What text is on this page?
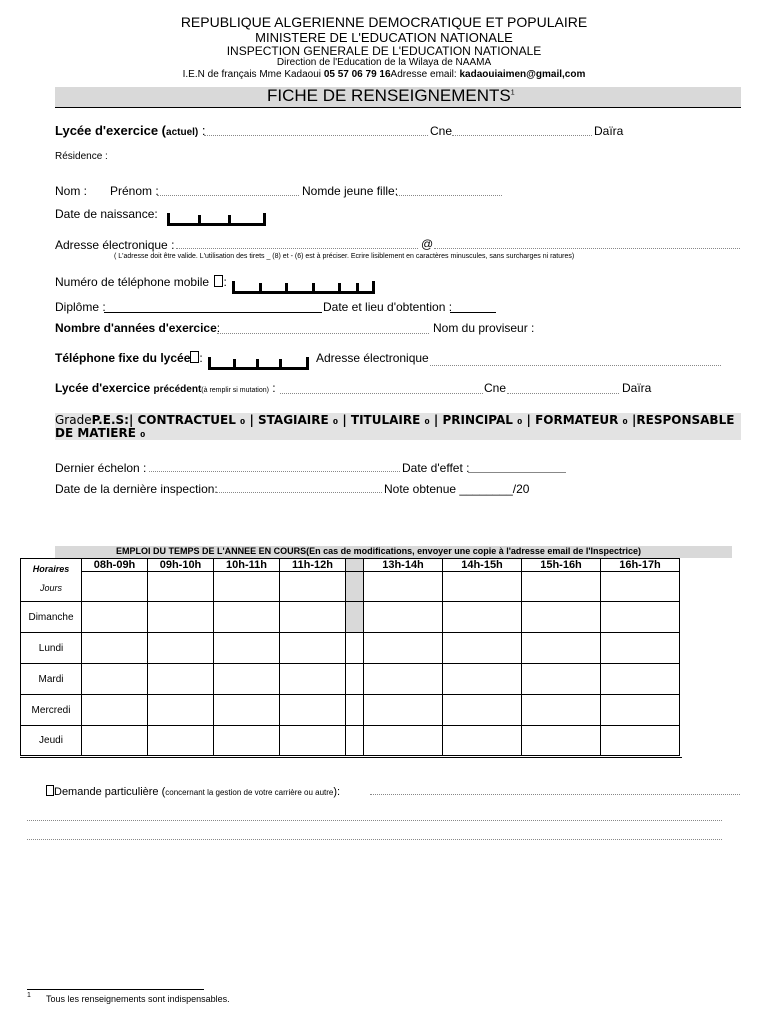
REPUBLIQUE ALGERIENNE DEMOCRATIQUE ET POPULAIRE
MINISTERE DE L'EDUCATION NATIONALE
INSPECTION GENERALE DE L'EDUCATION NATIONALE
Direction de l'Education de la Wilaya de NAAMA
I.E.N de français Mme Kadaoui 05 57 06 79 16Adresse email: kadaouiaimen@gmail,com
FICHE DE RENSEIGNEMENTS$^1$
Lycée d'exercice (actuel) :	Cne	Daïra
Résidence :
Nom : Prénom :	Nomde jeune fille:
Date de naissance:
Adresse électronique :	@
( L'adresse doit être valide. L'utilisation des tirets _ (8) et - (6) est à préciser. Ecrire lisiblement en caractères minuscules, sans surcharges ni ratures)
Numéro de téléphone mobile :
Diplôme :	Date et lieu d'obtention :
Nombre d'années d'exercice:	Nom du proviseur :
Téléphone fixe du lycée :	Adresse électronique
Lycée d'exercice précédent(à remplir si mutation) :	Cne	Daïra
GradeP.E.S:| CONTRACTUEL ₀ | STAGIAIRE ₀ | TITULAIRE ₀ | PRINCIPAL ₀ | FORMATEUR ₀ |RESPONSABLE
DE MATIERE ₀
Dernier échelon :	Date d'effet :
Date de la dernière inspection:	Note obtenue ________/20
EMPLOI DU TEMPS DE L'ANNEE EN COURS(En cas de modifications, envoyer une copie à l'adresse email de l'Inspectrice)
Horaires
Jours	08h-09h	09h-10h	10h-11h	11h-12h		13h-14h	14h-15h	15h-16h	16h-17h

Dimanche									
Lundi									
Mardi									
Mercredi									
Jeudi									
Demande particulière (concernant la gestion de votre carrière ou autre):
1 Tous les renseignements sont indispensables.
